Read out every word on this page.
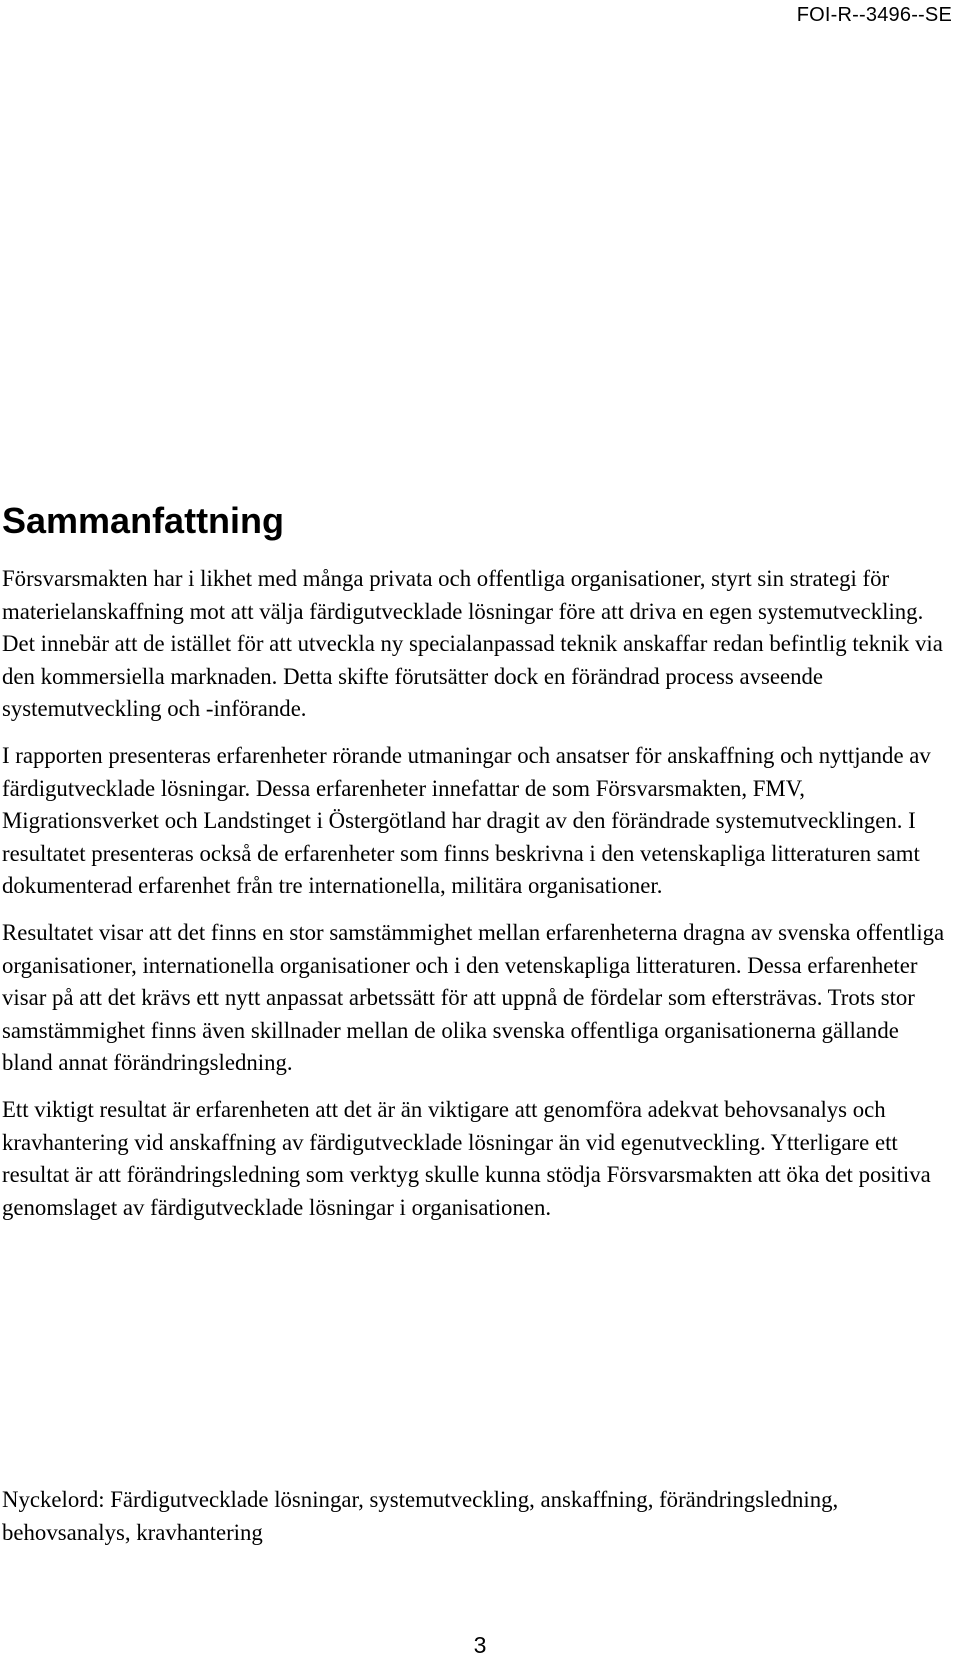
FOI-R--3496--SE

Sammanfattning

Försvarsmakten har i likhet med många privata och offentliga organisationer, styrt sin strategi för materielanskaffning mot att välja färdigutvecklade lösningar före att driva en egen systemutveckling. Det innebär att de istället för att utveckla ny specialanpassad teknik anskaffar redan befintlig teknik via den kommersiella marknaden. Detta skifte förutsätter dock en förändrad process avseende systemutveckling och -införande.

I rapporten presenteras erfarenheter rörande utmaningar och ansatser för anskaffning och nyttjande av färdigutvecklade lösningar. Dessa erfarenheter innefattar de som Försvarsmakten, FMV, Migrationsverket och Landstinget i Östergötland har dragit av den förändrade systemutvecklingen. I resultatet presenteras också de erfarenheter som finns beskrivna i den vetenskapliga litteraturen samt dokumenterad erfarenhet från tre internationella, militära organisationer.

Resultatet visar att det finns en stor samstämmighet mellan erfarenheterna dragna av svenska offentliga organisationer, internationella organisationer och i den vetenskapliga litteraturen. Dessa erfarenheter visar på att det krävs ett nytt anpassat arbetssätt för att uppnå de fördelar som eftersträvas. Trots stor samstämmighet finns även skillnader mellan de olika svenska offentliga organisationerna gällande bland annat förändringsledning.

Ett viktigt resultat är erfarenheten att det är än viktigare att genomföra adekvat behovsanalys och kravhantering vid anskaffning av färdigutvecklade lösningar än vid egenutveckling. Ytterligare ett resultat är att förändringsledning som verktyg skulle kunna stödja Försvarsmakten att öka det positiva genomslaget av färdigutvecklade lösningar i organisationen.

Nyckelord: Färdigutvecklade lösningar, systemutveckling, anskaffning, förändringsledning, behovsanalys, kravhantering

3
